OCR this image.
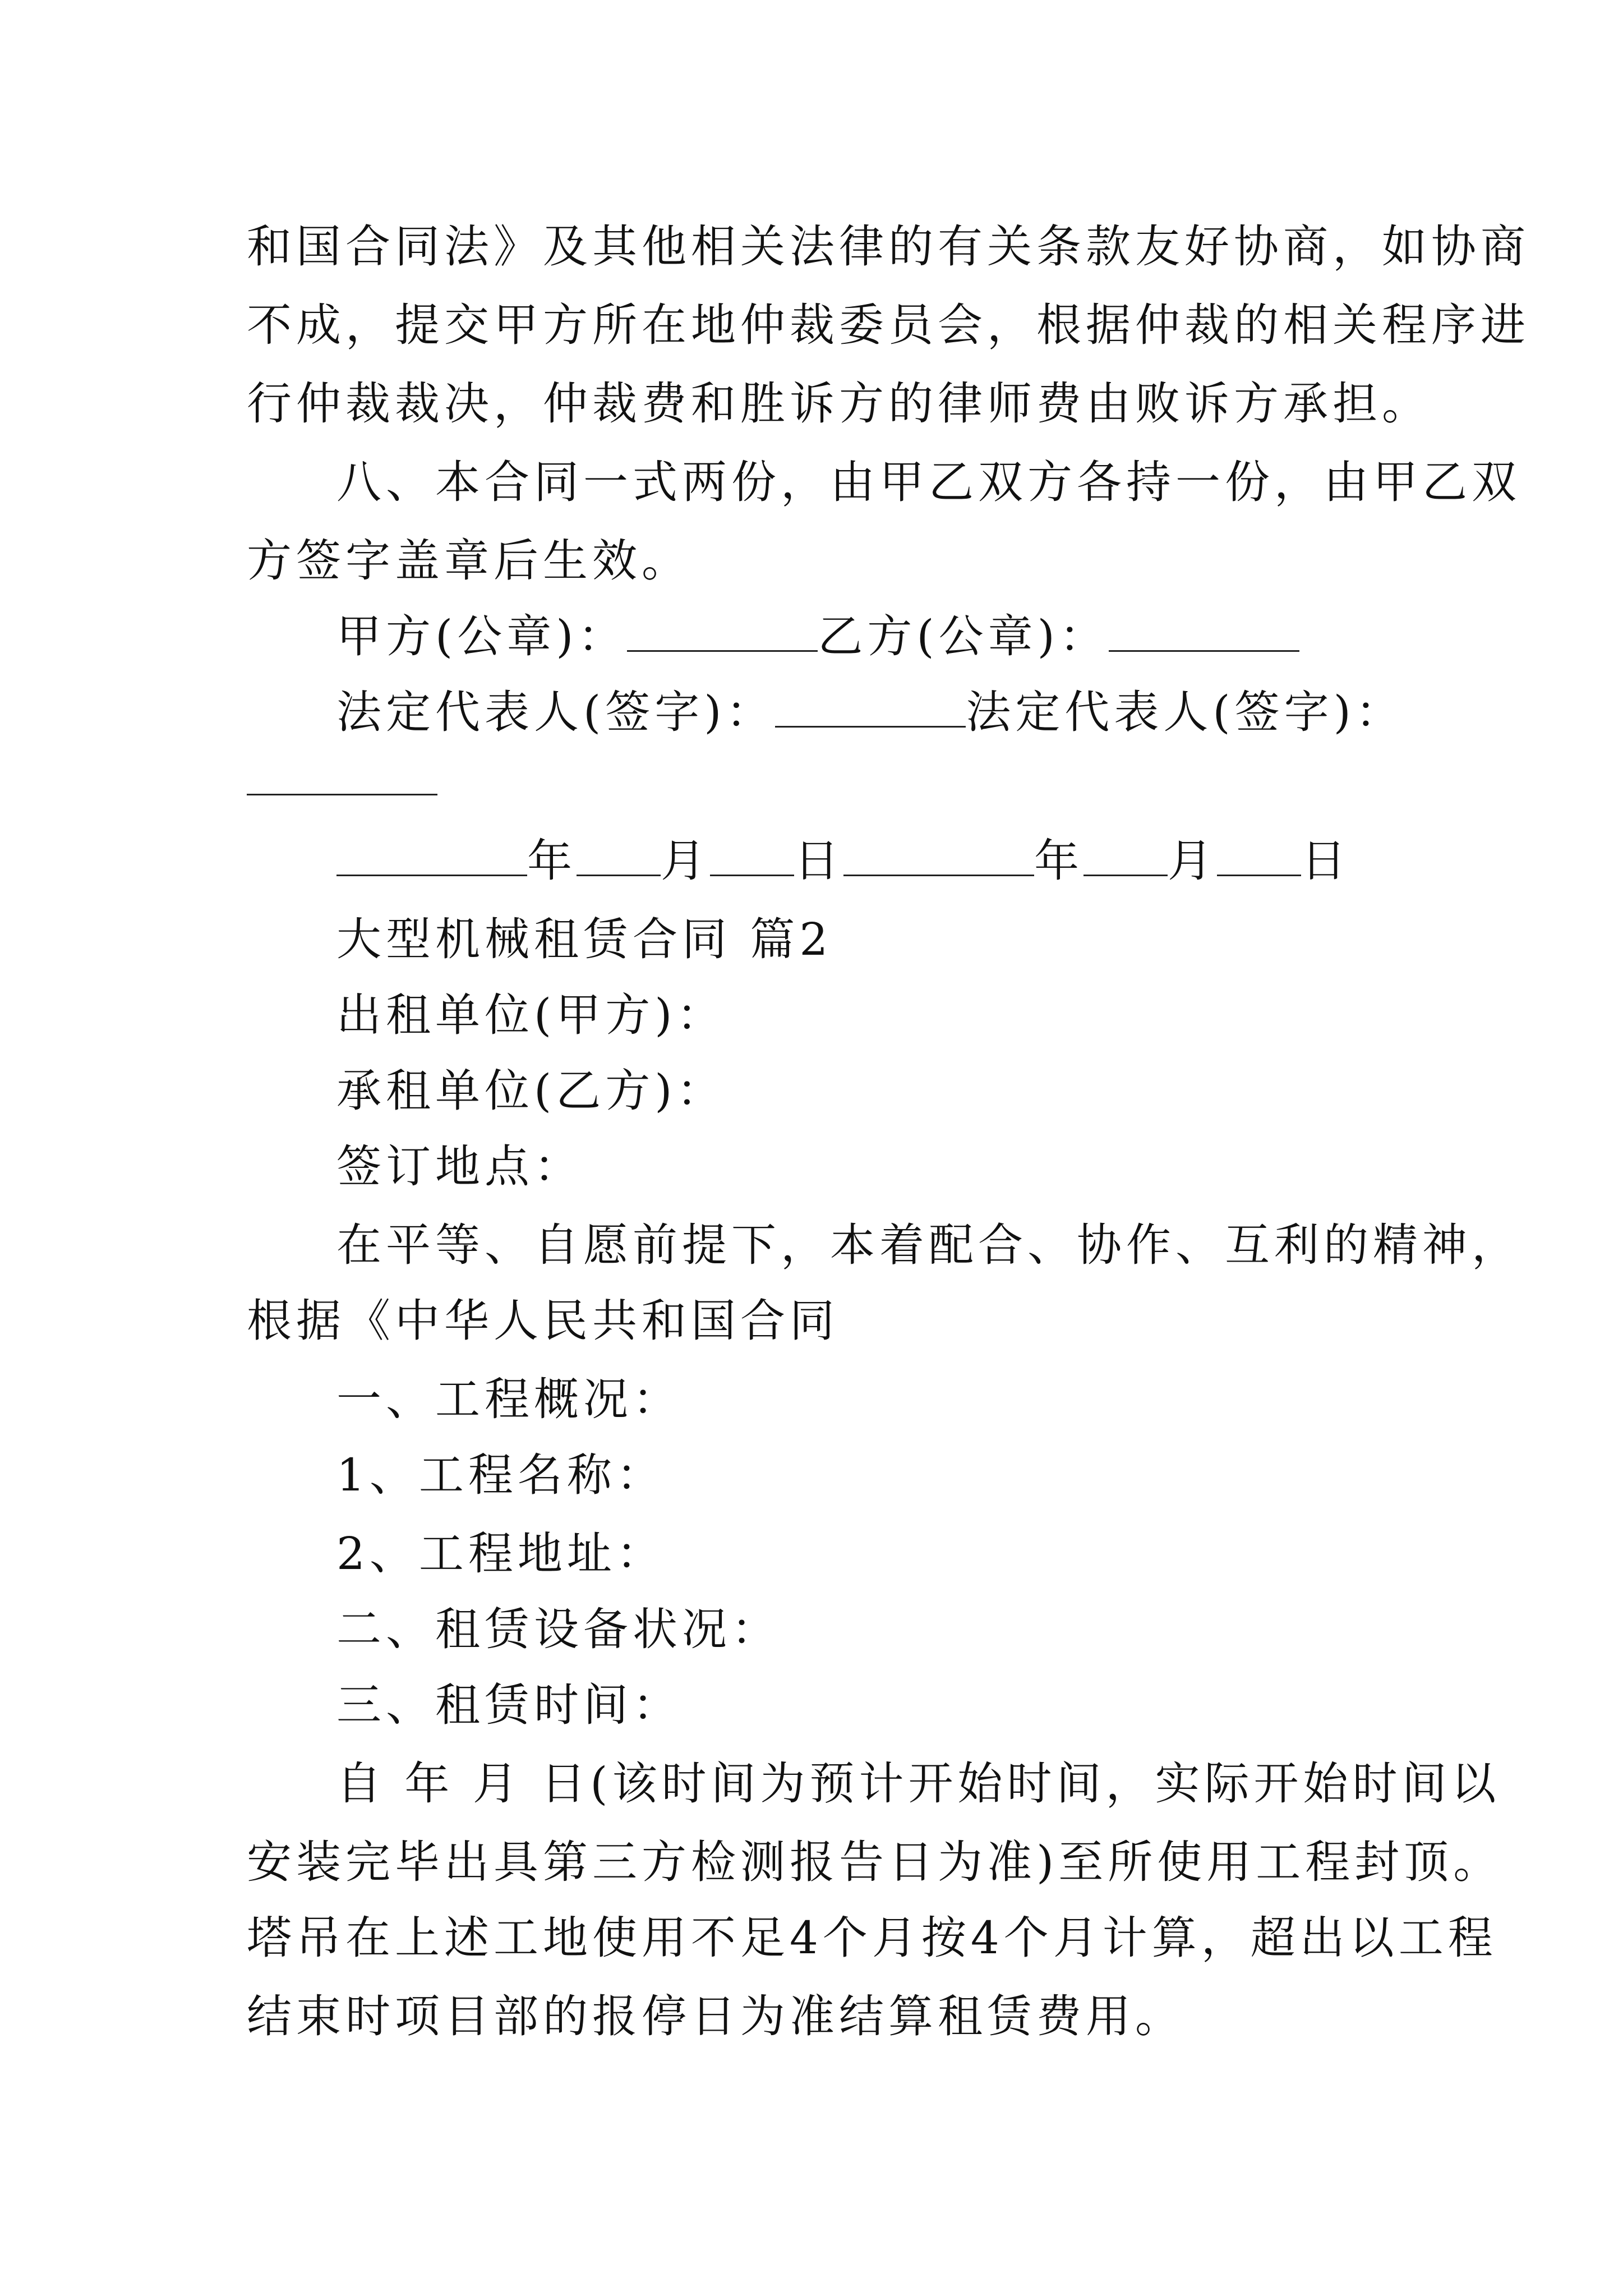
和国合同法》及其他相关法律的有关条款友好协商，如协商
不成，提交甲方所在地仲裁委员会，根据仲裁的相关程序进
行仲裁裁决，仲裁费和胜诉方的律师费由败诉方承担。
八、本合同一式两份，由甲乙双方各持一份，由甲乙双
方签字盖章后生效。
甲方(公章)：	乙方(公章)：
法定代表人(签字)：	法定代表人(签字)：
年 月 日	年 月 日
大型机械租赁合同 篇2
出租单位(甲方)：
承租单位(乙方)：
签订地点：
在平等、自愿前提下，本着配合、协作、互利的精神，
根据《中华人民共和国合同
一、工程概况：
1、工程名称：
2、工程地址：
二、租赁设备状况：
三、租赁时间：
自 年 月 日(该时间为预计开始时间，实际开始时间以
安装完毕出具第三方检测报告日为准)至所使用工程封顶。
塔吊在上述工地使用不足4个月按4个月计算，超出以工程
结束时项目部的报停日为准结算租赁费用。
